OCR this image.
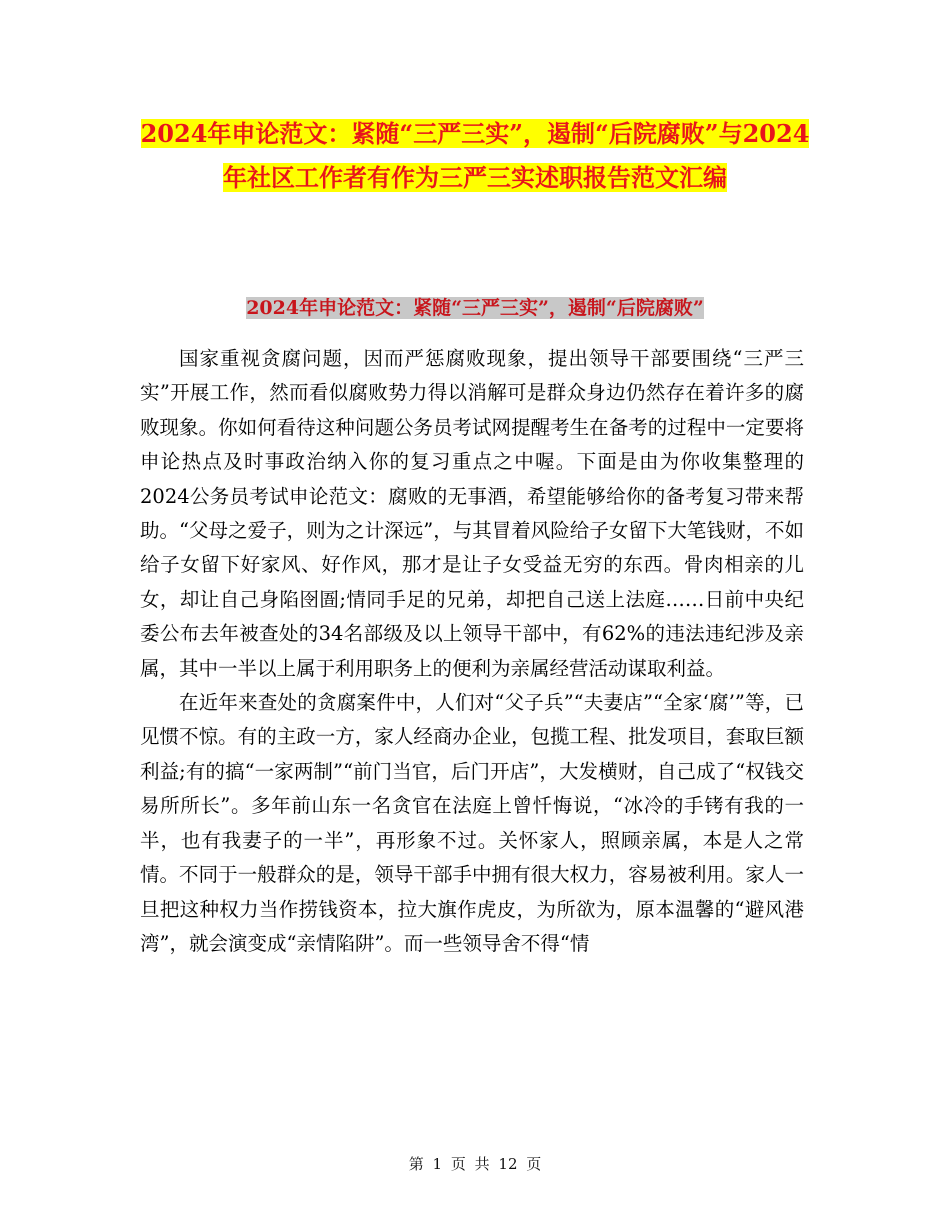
2024年申论范文：紧随“三严三实”，遏制“后院腐败”与2024年社区工作者有作为三严三实述职报告范文汇编
2024年申论范文：紧随“三严三实”，遏制“后院腐败”

国家重视贪腐问题，因而严惩腐败现象，提出领导干部要围绕“三严三实”开展工作，然而看似腐败势力得以消解可是群众身边仍然存在着许多的腐败现象。你如何看待这种问题公务员考试网提醒考生在备考的过程中一定要将申论热点及时事政治纳入你的复习重点之中喔。下面是由为你收集整理的2024公务员考试申论范文：腐败的无事酒，希望能够给你的备考复习带来帮助。“父母之爱子，则为之计深远”，与其冒着风险给子女留下大笔钱财，不如给子女留下好家风、好作风，那才是让子女受益无穷的东西。骨肉相亲的儿女，却让自己身陷囹圄;情同手足的兄弟，却把自己送上法庭……日前中央纪委公布去年被查处的34名部级及以上领导干部中，有62%的违法违纪涉及亲属，其中一半以上属于利用职务上的便利为亲属经营活动谋取利益。

在近年来查处的贪腐案件中，人们对“父子兵”“夫妻店”“全家‘腐’”等，已见惯不惊。有的主政一方，家人经商办企业，包揽工程、批发项目，套取巨额利益;有的搞“一家两制”“前门当官，后门开店”，大发横财，自己成了“权钱交易所所长”。多年前山东一名贪官在法庭上曾忏悔说，“冰冷的手铐有我的一半，也有我妻子的一半”，再形象不过。关怀家人，照顾亲属，本是人之常情。不同于一般群众的是，领导干部手中拥有很大权力，容易被利用。家人一旦把这种权力当作捞钱资本，拉大旗作虎皮，为所欲为，原本温馨的“避风港湾”，就会演变成“亲情陷阱”。而一些领导舍不得“情

第 1 页 共 12 页
